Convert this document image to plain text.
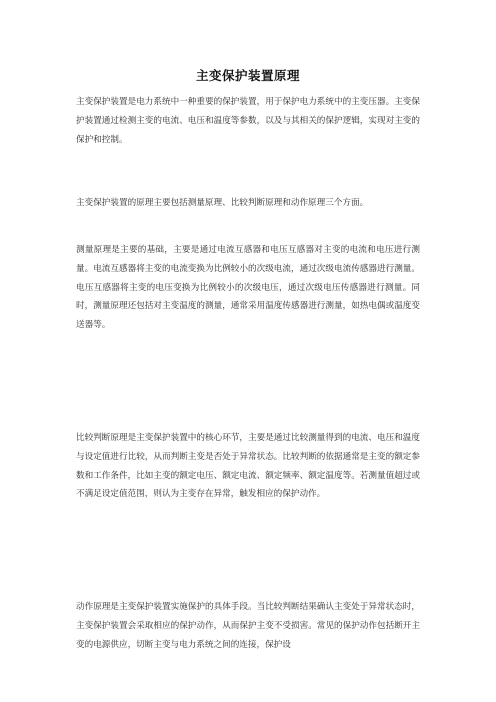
主变保护装置原理

主变保护装置是电力系统中一种重要的保护装置，用于保护电力系统中的主变压器。主变保护装置通过检测主变的电流、电压和温度等参数，以及与其相关的保护逻辑，实现对主变的保护和控制。

主变保护装置的原理主要包括测量原理、比较判断原理和动作原理三个方面。

测量原理是主要的基础，主要是通过电流互感器和电压互感器对主变的电流和电压进行测量。电流互感器将主变的电流变换为比例较小的次级电流，通过次级电流传感器进行测量。电压互感器将主变的电压变换为比例较小的次级电压，通过次级电压传感器进行测量。同时，测量原理还包括对主变温度的测量，通常采用温度传感器进行测量，如热电偶或温度变送器等。

比较判断原理是主变保护装置中的核心环节，主要是通过比较测量得到的电流、电压和温度与设定值进行比较，从而判断主变是否处于异常状态。比较判断的依据通常是主变的额定参数和工作条件，比如主变的额定电压、额定电流、额定频率、额定温度等。若测量值超过或不满足设定值范围，则认为主变存在异常，触发相应的保护动作。

动作原理是主变保护装置实施保护的具体手段。当比较判断结果确认主变处于异常状态时，主变保护装置会采取相应的保护动作，从而保护主变不受损害。常见的保护动作包括断开主变的电源供应，切断主变与电力系统之间的连接，保护设
